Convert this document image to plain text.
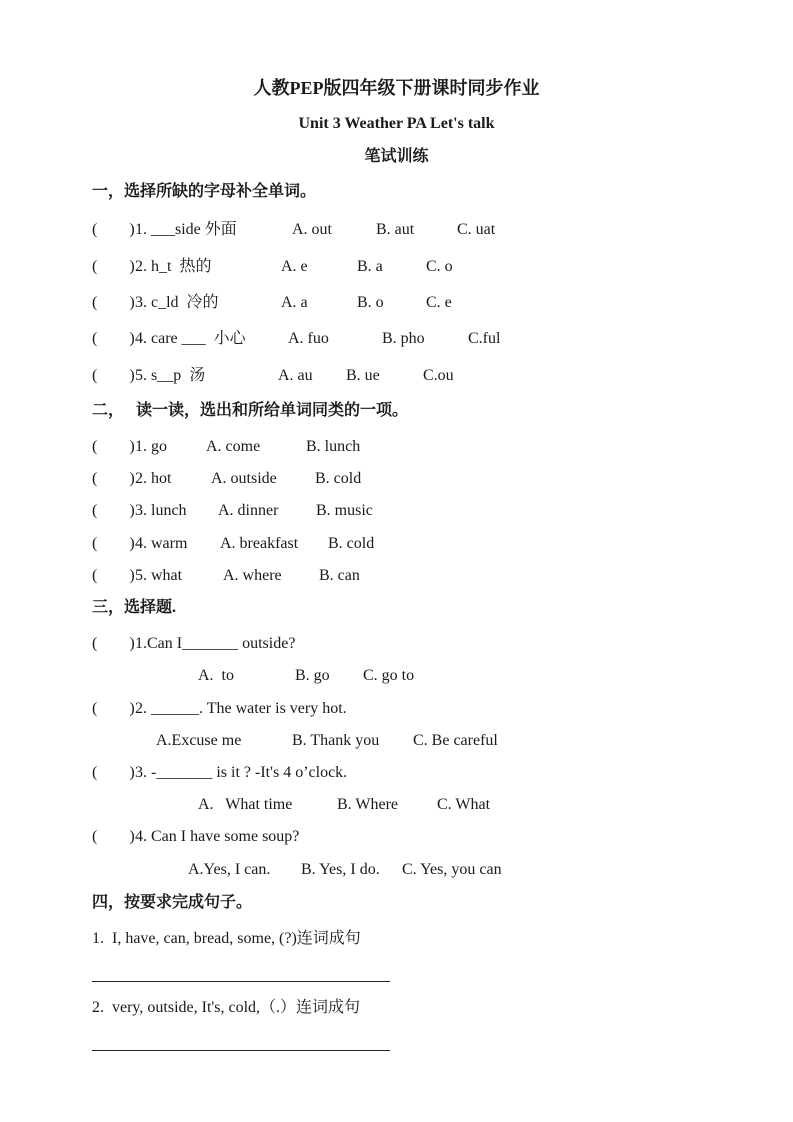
人教PEP版四年级下册课时同步作业
Unit 3 Weather PA Let's talk
笔试训练
一，选择所缺的字母补全单词。
(        ) 1. ___side 外面	A. out	B. aut	C. uat
(        ) 2. h_t  热的	A. e	B. a	C. o
(        ) 3. c_ld  冷的	A. a	B. o	C. e
(        ) 4. care ___  小心	A. fuo	B. pho	C.ful
(        ) 5. s__p  汤	A. au B. ue	C.ou
二，   读一读，选出和所给单词同类的一项。
(        ) 1. go A. come	B. lunch
(        ) 2. hot A. outside B. cold
(        ) 3. lunch A. dinner B. music
(        ) 4. warm A. breakfast B. cold
(        ) 5. what	A. where B. can
三，选择题.
(        ) 1.Can I_______ outside?
A.  to	B. go C. go to
(        ) 2. ______. The water is very hot.
A.Excuse me	B. Thank you C. Be careful
(        ) 3. -_______ is it ? -It's 4 o’clock.
A.   What time	B. Where C. What
(        ) 4. Can I have some soup?
A.Yes, I can. B. Yes, I do. C. Yes, you can
四，按要求完成句子。
1.  I, have, can, bread, some, (?)连词成句
2.  very, outside, It's, cold,（.）连词成句
